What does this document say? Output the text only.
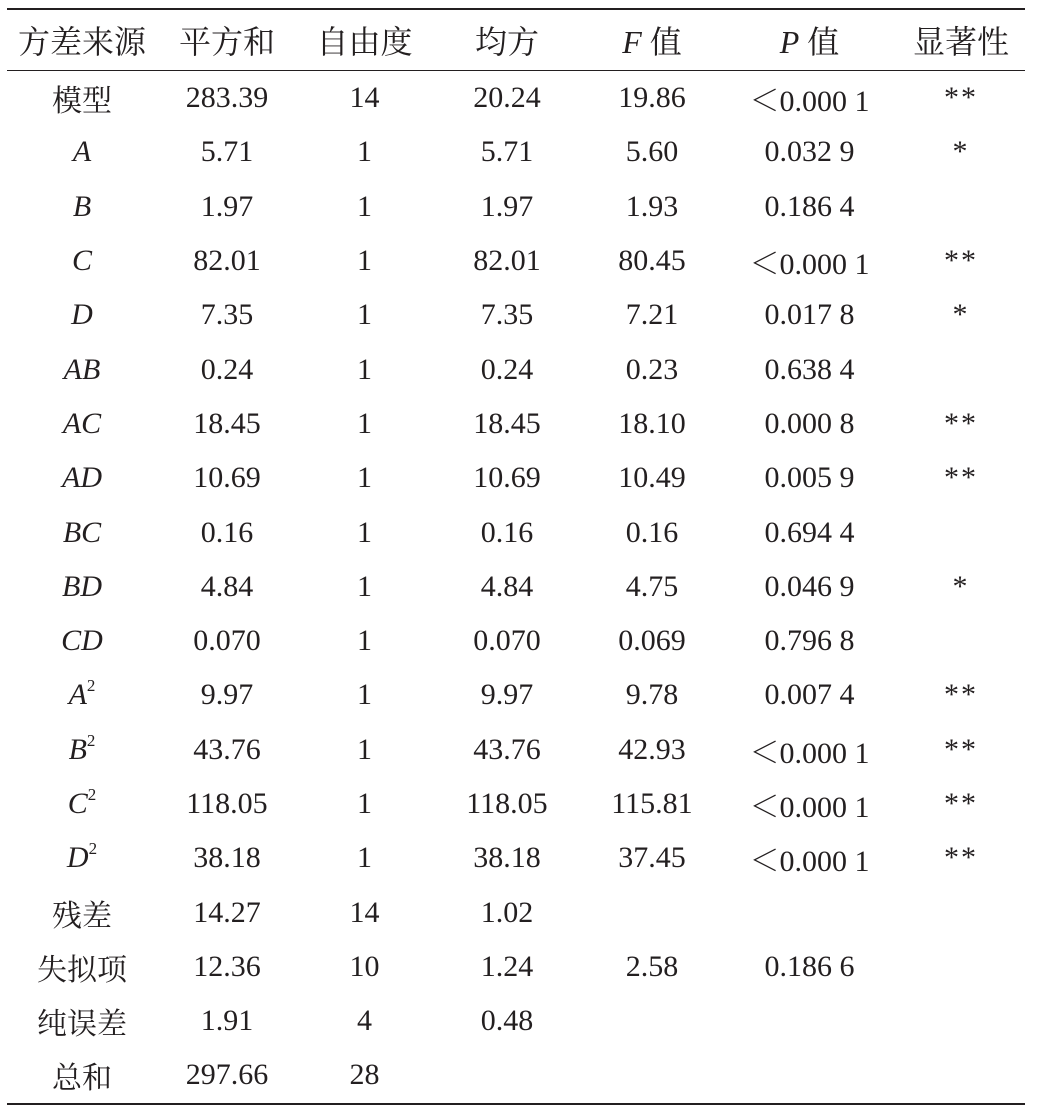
方差来源	平方和	自由度	均方	F 值	P 值	显著性
模型	283.39	14	20.24	19.86	＜0.000 1	**
A	5.71	1	5.71	5.60	0.032 9	*
B	1.97	1	1.97	1.93	0.186 4	
C	82.01	1	82.01	80.45	＜0.000 1	**
D	7.35	1	7.35	7.21	0.017 8	*
AB	0.24	1	0.24	0.23	0.638 4	
AC	18.45	1	18.45	18.10	0.000 8	**
AD	10.69	1	10.69	10.49	0.005 9	**
BC	0.16	1	0.16	0.16	0.694 4	
BD	4.84	1	4.84	4.75	0.046 9	*
CD	0.070	1	0.070	0.069	0.796 8	
$A^2$	9.97	1	9.97	9.78	0.007 4	**
$B^2$	43.76	1	43.76	42.93	＜0.000 1	**
$C^2$	118.05	1	118.05	115.81	＜0.000 1	**
$D^2$	38.18	1	38.18	37.45	＜0.000 1	**
残差	14.27	14	1.02			
失拟项	12.36	10	1.24	2.58	0.186 6	
纯误差	1.91	4	0.48			
总和	297.66	28				
